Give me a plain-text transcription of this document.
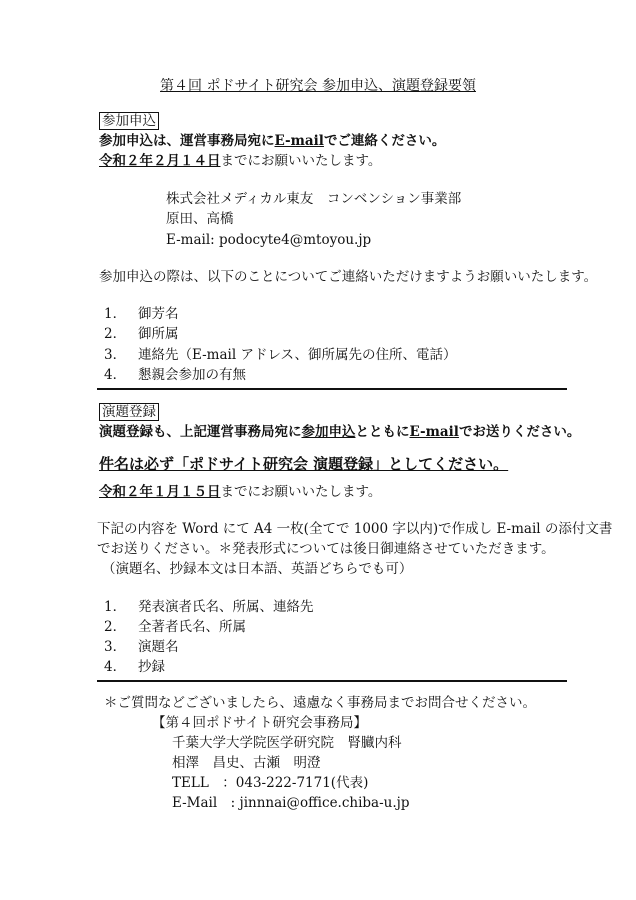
第４回 ポドサイト研究会 参加申込、演題登録要領
参加申込
参加申込は、運営事務局宛にE-mailでご連絡ください。
令和２年２月１４日までにお願いいたします。
株式会社メディカル東友　コンベンション事業部
原田、高橋
E-mail: podocyte4@mtoyou.jp
参加申込の際は、以下のことについてご連絡いただけますようお願いいたします。
1． 御芳名
2． 御所属
3． 連絡先（E-mail アドレス、御所属先の住所、電話）
4． 懇親会参加の有無
演題登録
演題登録も、上記運営事務局宛に参加申込とともにE-mailでお送りください。
件名は必ず「ポドサイト研究会 演題登録」としてください。
令和２年１月１５日までにお願いいたします。
下記の内容を Word にて A4 一枚(全てで 1000 字以内)で作成し E-mail の添付文書
でお送りください。＊発表形式については後日御連絡させていただきます。
（演題名、抄録本文は日本語、英語どちらでも可）
1． 発表演者氏名、所属、連絡先
2． 全著者氏名、所属
3． 演題名
4． 抄録
＊ご質問などございましたら、遠慮なく事務局までお問合せください。
【第４回ポドサイト研究会事務局】
千葉大学大学院医学研究院　腎臓内科
相澤　昌史、古瀬　明澄
TELL　：043-222-7171(代表)
E-Mail　: jinnnai@office.chiba-u.jp
